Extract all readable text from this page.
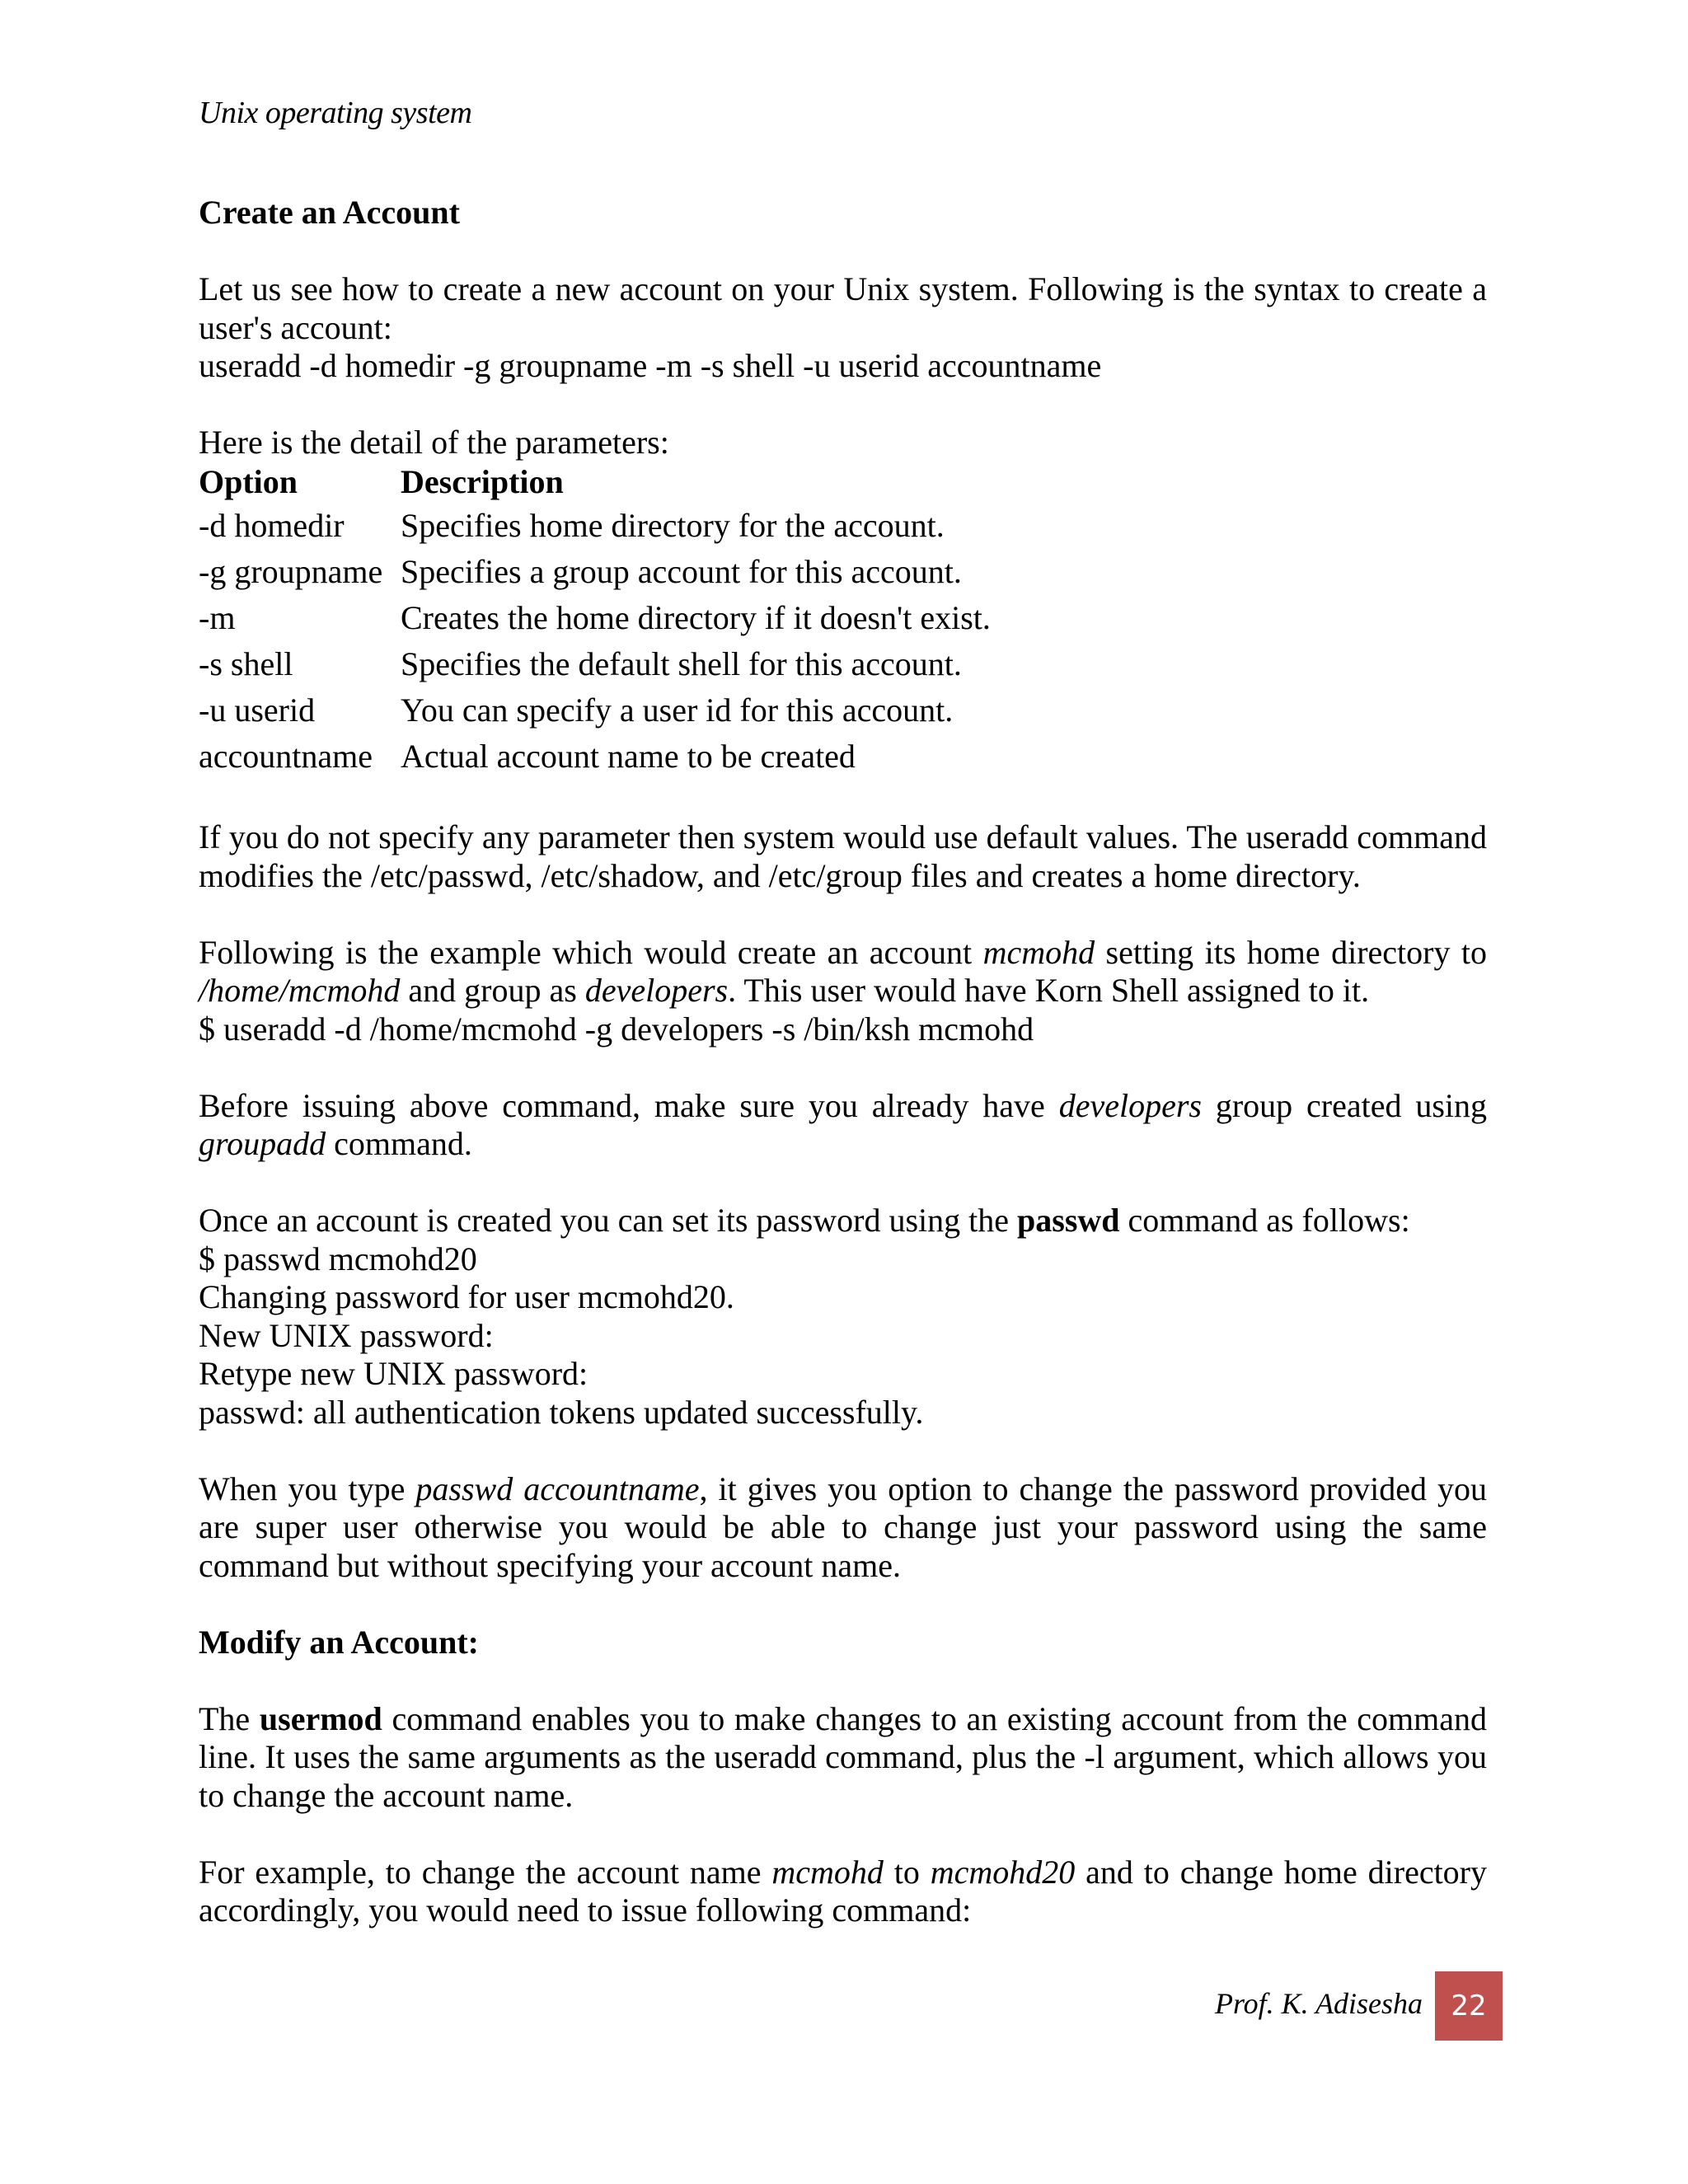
Unix operating system

Create an Account

Let us see how to create a new account on your Unix system. Following is the syntax to create a user's account:

useradd -d homedir -g groupname -m -s shell -u userid accountname

Here is the detail of the parameters:

Option	Description
-d homedir	Specifies home directory for the account.
-g groupname	Specifies a group account for this account.
-m	Creates the home directory if it doesn't exist.
-s shell	Specifies the default shell for this account.
-u userid	You can specify a user id for this account.
accountname	Actual account name to be created

If you do not specify any parameter then system would use default values. The useradd command modifies the /etc/passwd, /etc/shadow, and /etc/group files and creates a home directory.

Following is the example which would create an account mcmohd setting its home directory to /home/mcmohd and group as developers. This user would have Korn Shell assigned to it.

$ useradd -d /home/mcmohd -g developers -s /bin/ksh mcmohd

Before issuing above command, make sure you already have developers group created using groupadd command.

Once an account is created you can set its password using the passwd command as follows:

$ passwd mcmohd20

Changing password for user mcmohd20.

New UNIX password:

Retype new UNIX password:

passwd: all authentication tokens updated successfully.

When you type passwd accountname, it gives you option to change the password provided you are super user otherwise you would be able to change just your password using the same command but without specifying your account name.

Modify an Account:

The usermod command enables you to make changes to an existing account from the command line. It uses the same arguments as the useradd command, plus the -l argument, which allows you to change the account name.

For example, to change the account name mcmohd to mcmohd20 and to change home directory accordingly, you would need to issue following command:

Prof. K. Adisesha	22
